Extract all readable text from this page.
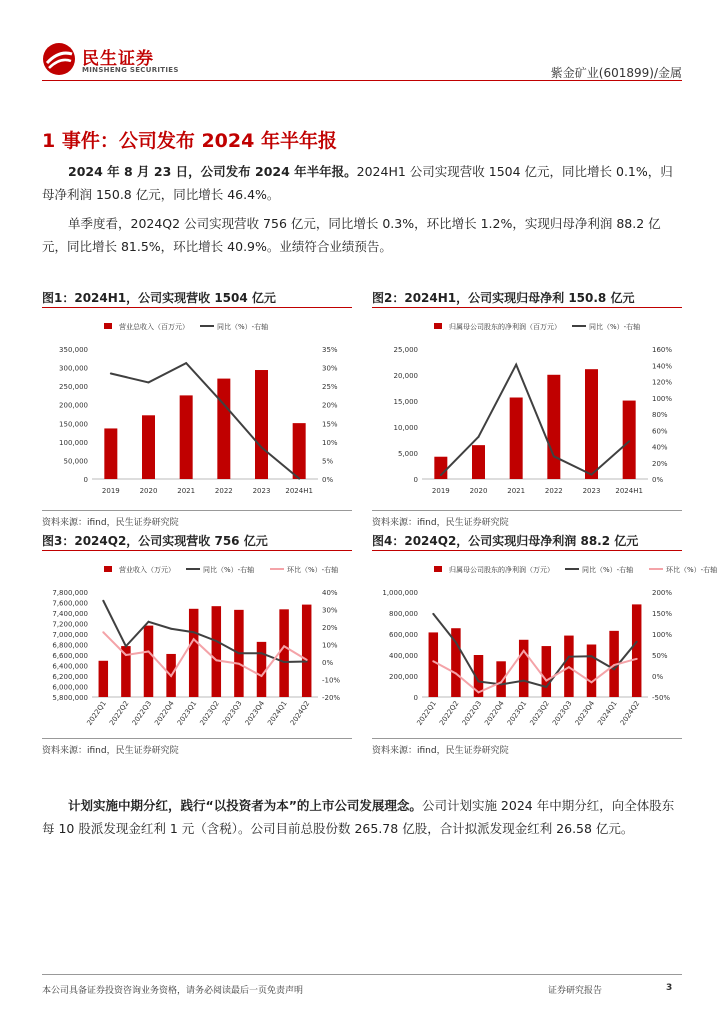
民生证券
MINSHENG SECURITIES	紫金矿业(601899)/金属
1 事件：公司发布 2024 年半年报
2024 年 8 月 23 日，公司发布 2024 年半年报。2024H1 公司实现营收 1504 亿元，同比增长 0.1%，归母净利润 150.8 亿元，同比增长 46.4%。
单季度看，2024Q2 公司实现营收 756 亿元，同比增长 0.3%，环比增长 1.2%，实现归母净利润 88.2 亿元，同比增长 81.5%，环比增长 40.9%。业绩符合业绩预告。
图1：2024H1，公司实现营收 1504 亿元
营业总收入（百万元）	同比（%）-右轴
0
50,000
100,000
150,000
200,000
250,000
300,000
350,000
0%
5%
10%
15%
20%
25%
30%
35%
2019	2020	2021	2022	2023 2024H1
资料来源：ifind，民生证券研究院
图2：2024H1，公司实现归母净利 150.8 亿元
归属母公司股东的净利润（百万元）	同比（%）-右轴
0
5,000
10,000
15,000
20,000
25,000
0%
20%
40%
60%
80%
100%
120%
140%
160%
2019	2020	2021	2022	2023 2024H1
资料来源：ifind，民生证券研究院
图3：2024Q2，公司实现营收 756 亿元
营业收入（万元）	同比（%）-右轴	环比（%）-右轴
5,800,000
6,000,000
6,200,000
6,400,000
6,600,000
6,800,000
7,000,000
7,200,000
7,400,000
7,600,000
7,800,000
-20%
-10%
0%
10%
20%
30%
40%
2022Q1 2022Q2 2022Q3 2022Q4 2023Q1 2023Q2 2023Q3 2023Q4 2024Q1 2024Q2
资料来源：ifind，民生证券研究院
图4：2024Q2，公司实现归母净利润 88.2 亿元
归属母公司股东的净利润（万元）	同比（%）-右轴	环比（%）-右轴
0
200,000
400,000
600,000
800,000
1,000,000
-50%
0%
50%
100%
150%
200%
2022Q1 2022Q2 2022Q3 2022Q4 2023Q1 2023Q2 2023Q3 2023Q4 2024Q1 2024Q2
资料来源：ifind，民生证券研究院
计划实施中期分红，践行“以投资者为本”的上市公司发展理念。公司计划实施 2024 年中期分红，向全体股东每 10 股派发现金红利 1 元（含税）。公司目前总股份数 265.78 亿股，合计拟派发现金红利 26.58 亿元。
本公司具备证券投资咨询业务资格，请务必阅读最后一页免责声明	证券研究报告	3
